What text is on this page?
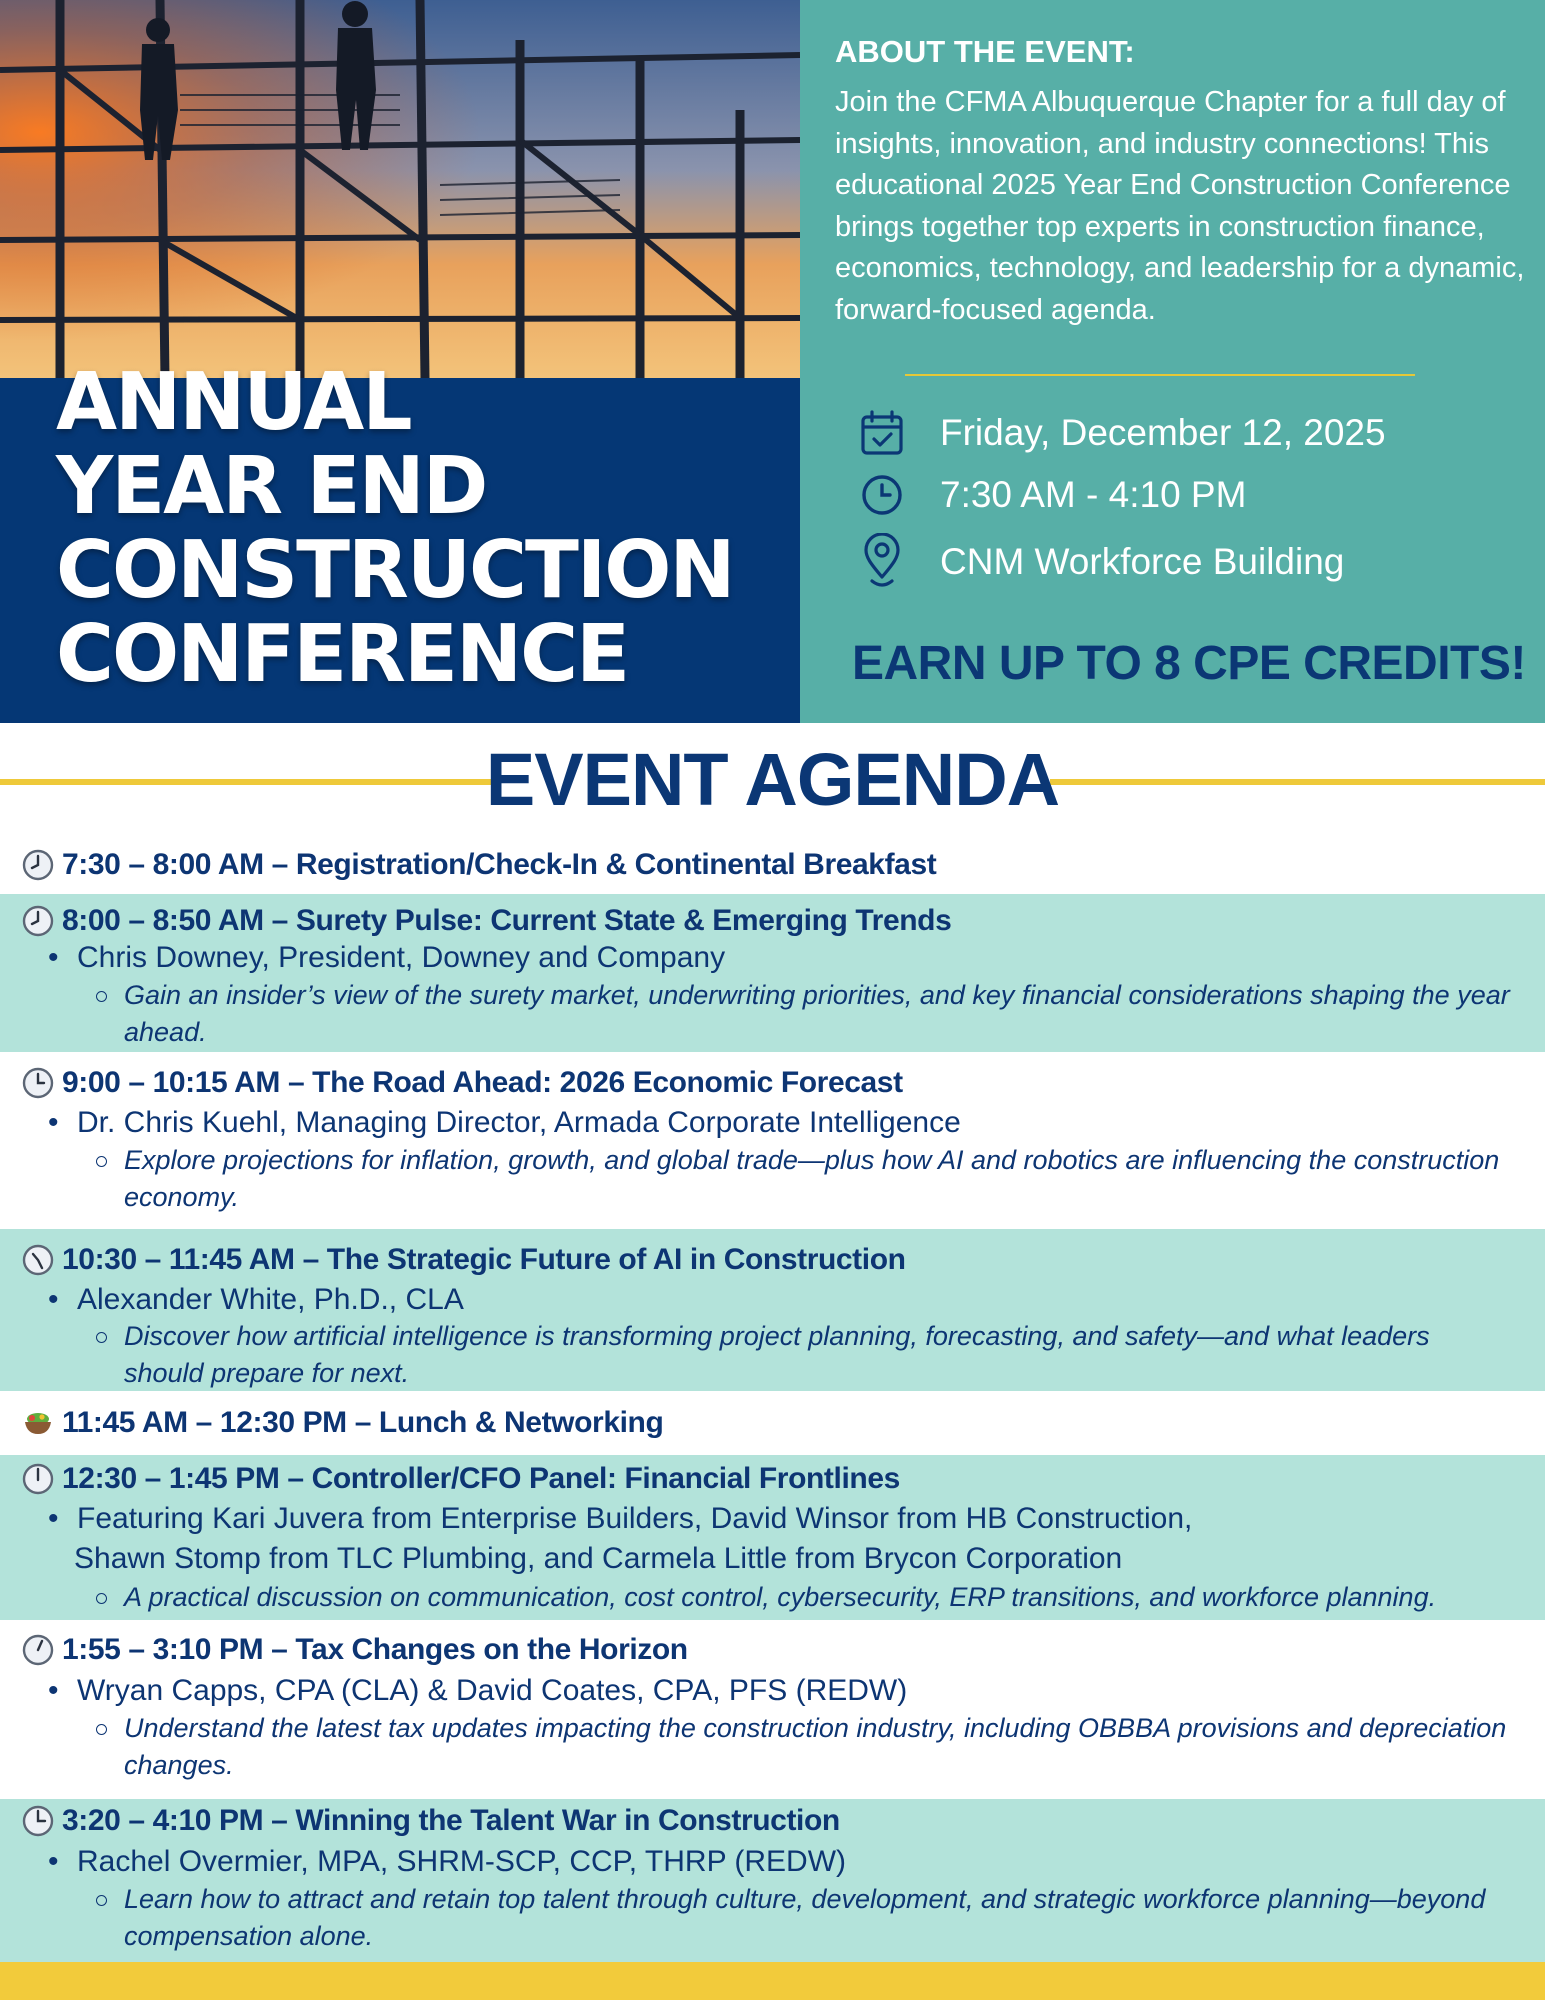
ANNUAL
YEAR END
CONSTRUCTION
CONFERENCE
ABOUT THE EVENT:
Join the CFMA Albuquerque Chapter for a full day of insights, innovation, and industry connections! This educational 2025 Year End Construction Conference brings together top experts in construction finance, economics, technology, and leadership for a dynamic, forward-focused agenda.
Friday, December 12, 2025
7:30 AM - 4:10 PM
CNM Workforce Building
EARN UP TO 8 CPE CREDITS!
EVENT AGENDA
7:30 – 8:00 AM – Registration/Check-In & Continental Breakfast
8:00 – 8:50 AM – Surety Pulse: Current State & Emerging Trends
• Chris Downey, President, Downey and Company
Gain an insider’s view of the surety market, underwriting priorities, and key financial considerations shaping the year ahead.
9:00 – 10:15 AM – The Road Ahead: 2026 Economic Forecast
• Dr. Chris Kuehl, Managing Director, Armada Corporate Intelligence
Explore projections for inflation, growth, and global trade—plus how AI and robotics are influencing the construction economy.
10:30 – 11:45 AM – The Strategic Future of AI in Construction
• Alexander White, Ph.D., CLA
Discover how artificial intelligence is transforming project planning, forecasting, and safety—and what leaders should prepare for next.
11:45 AM – 12:30 PM – Lunch & Networking
12:30 – 1:45 PM – Controller/CFO Panel: Financial Frontlines
• Featuring Kari Juvera from Enterprise Builders, David Winsor from HB Construction,
Shawn Stomp from TLC Plumbing, and Carmela Little from Brycon Corporation
A practical discussion on communication, cost control, cybersecurity, ERP transitions, and workforce planning.
1:55 – 3:10 PM – Tax Changes on the Horizon
• Wryan Capps, CPA (CLA) & David Coates, CPA, PFS (REDW)
Understand the latest tax updates impacting the construction industry, including OBBBA provisions and depreciation changes.
3:20 – 4:10 PM – Winning the Talent War in Construction
• Rachel Overmier, MPA, SHRM-SCP, CCP, THRP (REDW)
Learn how to attract and retain top talent through culture, development, and strategic workforce planning—beyond compensation alone.
